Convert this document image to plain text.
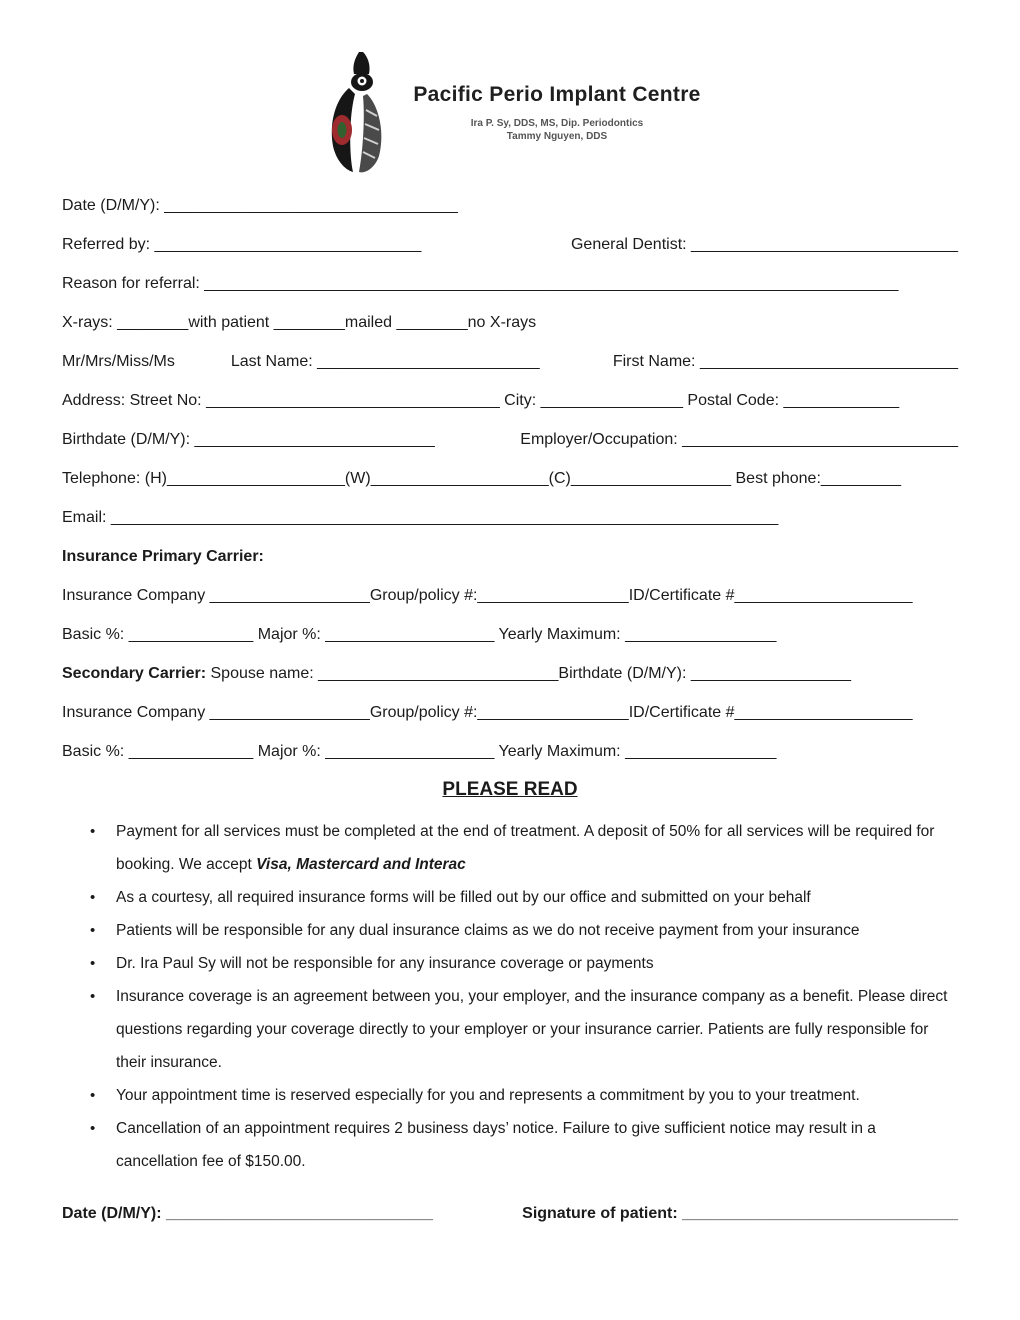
Pacific Perio Implant Centre
Ira P. Sy, DDS, MS, Dip. Periodontics
Tammy Nguyen, DDS
Date (D/M/Y): _________________________________
Referred by: ______________________________	General Dentist: ______________________________
Reason for referral: ______________________________________________________________________________
X-rays: ________with patient ________mailed ________no X-rays
Mr/Mrs/Miss/Ms	Last Name: _________________________	First Name: _____________________________
Address: Street No: _________________________________ City: ________________ Postal Code: _____________
Birthdate (D/M/Y): ___________________________	Employer/Occupation: _______________________________
Telephone: (H)____________________(W)____________________(C)__________________ Best phone:_________
Email: ___________________________________________________________________________
Insurance Primary Carrier:
Insurance Company __________________Group/policy #:_________________ID/Certificate #____________________
Basic %: ______________ Major %: ___________________ Yearly Maximum: _________________
Secondary Carrier: Spouse name: ___________________________Birthdate (D/M/Y): __________________
Insurance Company __________________Group/policy #:_________________ID/Certificate #____________________
Basic %: ______________ Major %: ___________________ Yearly Maximum: _________________
PLEASE READ
•	Payment for all services must be completed at the end of treatment. A deposit of 50% for all services will be required for booking. We accept Visa, Mastercard and Interac
•	As a courtesy, all required insurance forms will be filled out by our office and submitted on your behalf
•	Patients will be responsible for any dual insurance claims as we do not receive payment from your insurance
•	Dr. Ira Paul Sy will not be responsible for any insurance coverage or payments
•	Insurance coverage is an agreement between you, your employer, and the insurance company as a benefit. Please direct questions regarding your coverage directly to your employer or your insurance carrier. Patients are fully responsible for their insurance.
•	Your appointment time is reserved especially for you and represents a commitment by you to your treatment.
•	Cancellation of an appointment requires 2 business days’ notice. Failure to give sufficient notice may result in a cancellation fee of $150.00.
Date (D/M/Y): ______________________________	Signature of patient: _______________________________
